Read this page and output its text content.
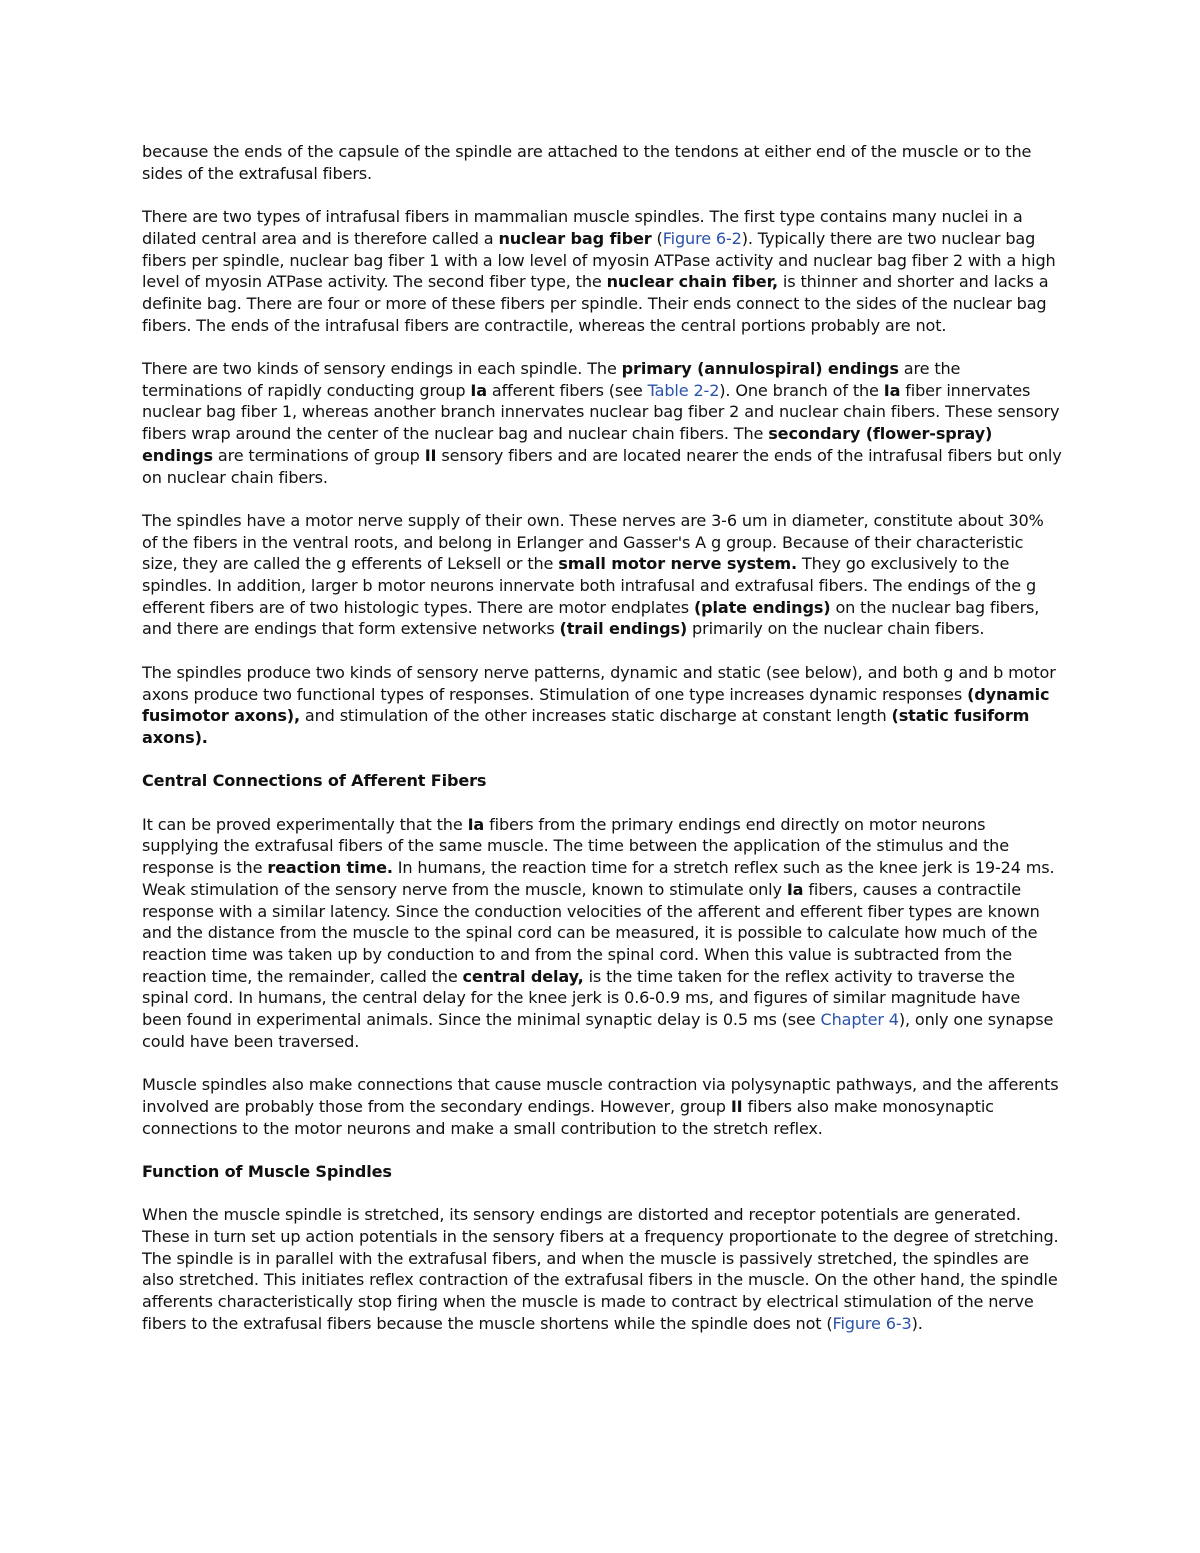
because the ends of the capsule of the spindle are attached to the tendons at either end of the muscle or to the sides of the extrafusal fibers.

There are two types of intrafusal fibers in mammalian muscle spindles. The first type contains many nuclei in a dilated central area and is therefore called a nuclear bag fiber (Figure 6-2). Typically there are two nuclear bag fibers per spindle, nuclear bag fiber 1 with a low level of myosin ATPase activity and nuclear bag fiber 2 with a high level of myosin ATPase activity. The second fiber type, the nuclear chain fiber, is thinner and shorter and lacks a definite bag. There are four or more of these fibers per spindle. Their ends connect to the sides of the nuclear bag fibers. The ends of the intrafusal fibers are contractile, whereas the central portions probably are not.

There are two kinds of sensory endings in each spindle. The primary (annulospiral) endings are the terminations of rapidly conducting group Ia afferent fibers (see Table 2-2). One branch of the Ia fiber innervates nuclear bag fiber 1, whereas another branch innervates nuclear bag fiber 2 and nuclear chain fibers. These sensory fibers wrap around the center of the nuclear bag and nuclear chain fibers. The secondary (flower-spray) endings are terminations of group II sensory fibers and are located nearer the ends of the intrafusal fibers but only on nuclear chain fibers.

The spindles have a motor nerve supply of their own. These nerves are 3-6 um in diameter, constitute about 30% of the fibers in the ventral roots, and belong in Erlanger and Gasser's A g group. Because of their characteristic size, they are called the g efferents of Leksell or the small motor nerve system. They go exclusively to the spindles. In addition, larger b motor neurons innervate both intrafusal and extrafusal fibers. The endings of the g efferent fibers are of two histologic types. There are motor endplates (plate endings) on the nuclear bag fibers, and there are endings that form extensive networks (trail endings) primarily on the nuclear chain fibers.

The spindles produce two kinds of sensory nerve patterns, dynamic and static (see below), and both g and b motor axons produce two functional types of responses. Stimulation of one type increases dynamic responses (dynamic fusimotor axons), and stimulation of the other increases static discharge at constant length (static fusiform axons).

Central Connections of Afferent Fibers

It can be proved experimentally that the Ia fibers from the primary endings end directly on motor neurons supplying the extrafusal fibers of the same muscle. The time between the application of the stimulus and the response is the reaction time. In humans, the reaction time for a stretch reflex such as the knee jerk is 19-24 ms. Weak stimulation of the sensory nerve from the muscle, known to stimulate only Ia fibers, causes a contractile response with a similar latency. Since the conduction velocities of the afferent and efferent fiber types are known and the distance from the muscle to the spinal cord can be measured, it is possible to calculate how much of the reaction time was taken up by conduction to and from the spinal cord. When this value is subtracted from the reaction time, the remainder, called the central delay, is the time taken for the reflex activity to traverse the spinal cord. In humans, the central delay for the knee jerk is 0.6-0.9 ms, and figures of similar magnitude have been found in experimental animals. Since the minimal synaptic delay is 0.5 ms (see Chapter 4), only one synapse could have been traversed.

Muscle spindles also make connections that cause muscle contraction via polysynaptic pathways, and the afferents involved are probably those from the secondary endings. However, group II fibers also make monosynaptic connections to the motor neurons and make a small contribution to the stretch reflex.

Function of Muscle Spindles

When the muscle spindle is stretched, its sensory endings are distorted and receptor potentials are generated. These in turn set up action potentials in the sensory fibers at a frequency proportionate to the degree of stretching. The spindle is in parallel with the extrafusal fibers, and when the muscle is passively stretched, the spindles are also stretched. This initiates reflex contraction of the extrafusal fibers in the muscle. On the other hand, the spindle afferents characteristically stop firing when the muscle is made to contract by electrical stimulation of the nerve fibers to the extrafusal fibers because the muscle shortens while the spindle does not (Figure 6-3).
